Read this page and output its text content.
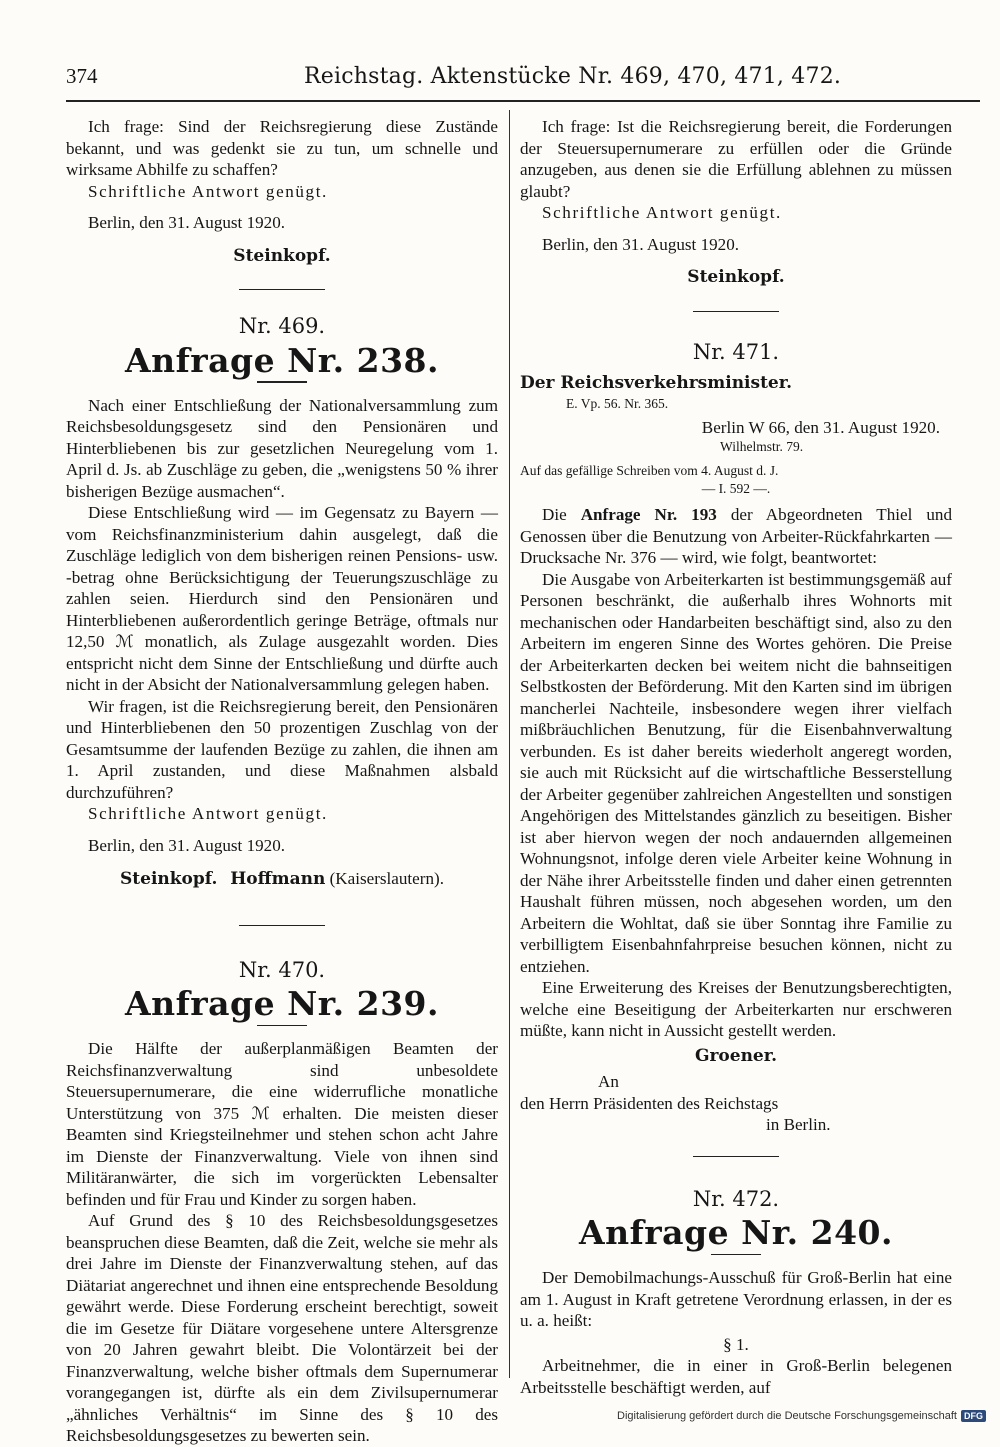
374	Reichstag. Aktenstücke Nr. 469, 470, 471, 472.

Ich frage: Sind der Reichsregierung diese Zustände bekannt, und was gedenkt sie zu tun, um schnelle und wirksame Abhilfe zu schaffen?

Schriftliche Antwort genügt.

Berlin, den 31. August 1920.

Steinkopf.

Nr. 469.

Anfrage Nr. 238.

Nach einer Entschließung der Nationalversammlung zum Reichsbesoldungsgesetz sind den Pensionären und Hinterbliebenen bis zur gesetzlichen Neuregelung vom 1. April d. Js. ab Zuschläge zu geben, die „wenigstens 50 % ihrer bisherigen Bezüge ausmachen“.

Diese Entschließung wird — im Gegensatz zu Bayern — vom Reichsfinanzministerium dahin ausgelegt, daß die Zuschläge lediglich von dem bisherigen reinen Pensions- usw. -betrag ohne Berücksichtigung der Teuerungszuschläge zu zahlen seien. Hierdurch sind den Pensionären und Hinterbliebenen außerordentlich geringe Beträge, oftmals nur 12,50 ℳ monatlich, als Zulage ausgezahlt worden. Dies entspricht nicht dem Sinne der Entschließung und dürfte auch nicht in der Absicht der Nationalversammlung gelegen haben.

Wir fragen, ist die Reichsregierung bereit, den Pensionären und Hinterbliebenen den 50 prozentigen Zuschlag von der Gesamtsumme der laufenden Bezüge zu zahlen, die ihnen am 1. April zustanden, und diese Maßnahmen alsbald durchzuführen?

Schriftliche Antwort genügt.

Berlin, den 31. August 1920.

Steinkopf. Hoffmann (Kaiserslautern).

Nr. 470.

Anfrage Nr. 239.

Die Hälfte der außerplanmäßigen Beamten der Reichsfinanzverwaltung sind unbesoldete Steuersupernumerare, die eine widerrufliche monatliche Unterstützung von 375 ℳ erhalten. Die meisten dieser Beamten sind Kriegsteilnehmer und stehen schon acht Jahre im Dienste der Finanzverwaltung. Viele von ihnen sind Militäranwärter, die sich im vorgerückten Lebensalter befinden und für Frau und Kinder zu sorgen haben.

Auf Grund des § 10 des Reichsbesoldungsgesetzes beanspruchen diese Beamten, daß die Zeit, welche sie mehr als drei Jahre im Dienste der Finanzverwaltung stehen, auf das Diätariat angerechnet und ihnen eine entsprechende Besoldung gewährt werde. Diese Forderung erscheint berechtigt, soweit die im Gesetze für Diätare vorgesehene untere Altersgrenze von 20 Jahren gewahrt bleibt. Die Volontärzeit bei der Finanzverwaltung, welche bisher oftmals dem Supernumerar vorangegangen ist, dürfte als ein dem Zivilsupernumerar „ähnliches Verhältnis“ im Sinne des § 10 des Reichsbesoldungsgesetzes zu bewerten sein.

Ich frage: Ist die Reichsregierung bereit, die Forderungen der Steuersupernumerare zu erfüllen oder die Gründe anzugeben, aus denen sie die Erfüllung ablehnen zu müssen glaubt?

Schriftliche Antwort genügt.

Berlin, den 31. August 1920.

Steinkopf.

Nr. 471.

Der Reichsverkehrsminister.

E. Vp. 56. Nr. 365.

Berlin W 66, den 31. August 1920.

Wilhelmstr. 79.

Auf das gefällige Schreiben vom 4. August d. J.

— I. 592 —.

Die Anfrage Nr. 193 der Abgeordneten Thiel und Genossen über die Benutzung von Arbeiter-Rückfahrkarten — Drucksache Nr. 376 — wird, wie folgt, beantwortet:

Die Ausgabe von Arbeiterkarten ist bestimmungsgemäß auf Personen beschränkt, die außerhalb ihres Wohnorts mit mechanischen oder Handarbeiten beschäftigt sind, also zu den Arbeitern im engeren Sinne des Wortes gehören. Die Preise der Arbeiterkarten decken bei weitem nicht die bahnseitigen Selbstkosten der Beförderung. Mit den Karten sind im übrigen mancherlei Nachteile, insbesondere wegen ihrer vielfach mißbräuchlichen Benutzung, für die Eisenbahnverwaltung verbunden. Es ist daher bereits wiederholt angeregt worden, sie auch mit Rücksicht auf die wirtschaftliche Besserstellung der Arbeiter gegenüber zahlreichen Angestellten und sonstigen Angehörigen des Mittelstandes gänzlich zu beseitigen. Bisher ist aber hiervon wegen der noch andauernden allgemeinen Wohnungsnot, infolge deren viele Arbeiter keine Wohnung in der Nähe ihrer Arbeitsstelle finden und daher einen getrennten Haushalt führen müssen, noch abgesehen worden, um den Arbeitern die Wohltat, daß sie über Sonntag ihre Familie zu verbilligtem Eisenbahnfahrpreise besuchen können, nicht zu entziehen.

Eine Erweiterung des Kreises der Benutzungsberechtigten, welche eine Beseitigung der Arbeiterkarten nur erschweren müßte, kann nicht in Aussicht gestellt werden.

Groener.

An

den Herrn Präsidenten des Reichstags

in Berlin.

Nr. 472.

Anfrage Nr. 240.

Der Demobilmachungs-Ausschuß für Groß-Berlin hat eine am 1. August in Kraft getretene Verordnung erlassen, in der es u. a. heißt:

§ 1.

Arbeitnehmer, die in einer in Groß-Berlin belegenen Arbeitsstelle beschäftigt werden, auf

Digitalisierung gefördert durch die Deutsche Forschungsgemeinschaft DFG
